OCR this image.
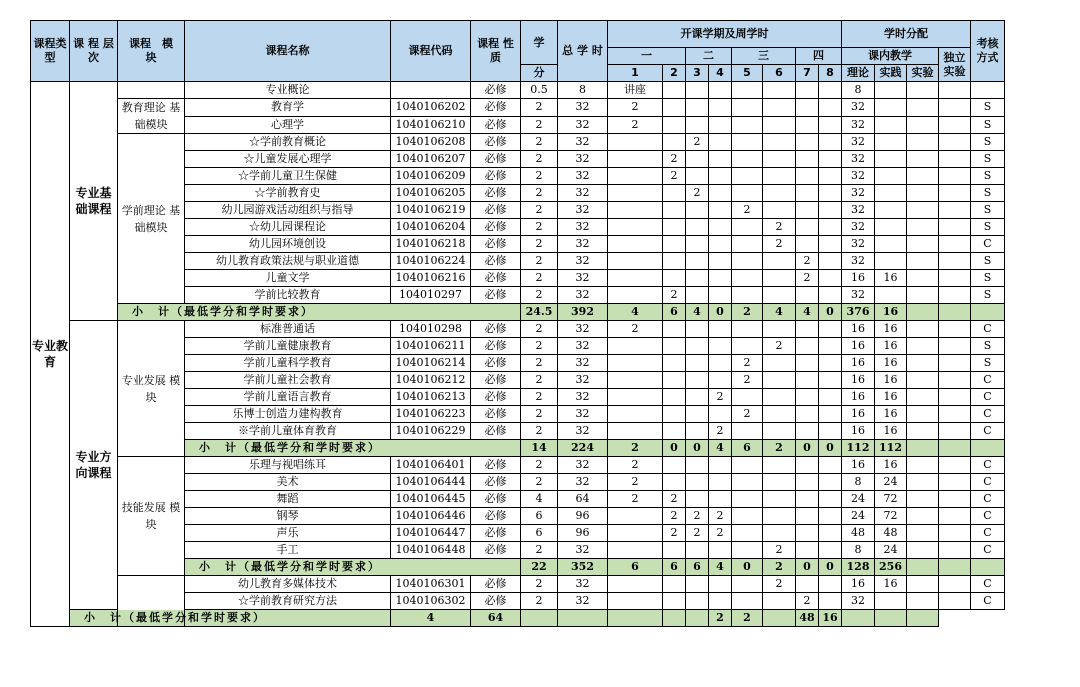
课程类型	课 程 层次	课程　模　块	课程名称	课程代码	课程 性质	学	总 学 时	开课学期及周学时								学时分配				考核 方式
								一		二		三		四		课内教学			独立 实验	
						分		1	2	3	4	5	6	7	8	理论	实践	实验		
专业教育	专业基础课程		专业概论		必修	0.5	8	讲座								8				
		教育理论 基础模块	教育学	1040106202	必修	2	32	2								32				S
			心理学	1040106210	必修	2	32	2								32				S
		学前理论 基础模块	☆学前教育概论	1040106208	必修	2	32			2						32				S
			☆儿童发展心理学	1040106207	必修	2	32		2							32				S
			☆学前儿童卫生保健	1040106209	必修	2	32		2							32				S
			☆学前教育史	1040106205	必修	2	32			2						32				S
			幼儿园游戏活动组织与指导	1040106219	必修	2	32					2				32				S
			☆幼儿园课程论	1040106204	必修	2	32						2			32				S
			幼儿园环境创设	1040106218	必修	2	32						2			32				C
			幼儿教育政策法规与职业道德	1040106224	必修	2	32							2		32				S
			儿童文学	1040106216	必修	2	32							2		16	16			S
			学前比较教育	104010297	必修	2	32		2							32				S
		小　计（最低学分和学时要求）				24.5	392	4	6	4	0	2	4	4	0	376	16			
	专业方向课程	专业发展 模块	标准普通话	104010298	必修	2	32	2								16	16			C
			学前儿童健康教育	1040106211	必修	2	32						2			16	16			S
			学前儿童科学教育	1040106214	必修	2	32					2				16	16			S
			学前儿童社会教育	1040106212	必修	2	32					2				16	16			C
			学前儿童语言教育	1040106213	必修	2	32				2					16	16			C
			乐博士创造力建构教育	1040106223	必修	2	32					2				16	16			C
			※学前儿童体育教育	1040106229	必修	2	32				2					16	16			C
			小　计（最低学分和学时要求）			14	224	2	0	0	4	6	2	0	0	112	112			
		技能发展 模块	乐理与视唱练耳	1040106401	必修	2	32	2								16	16			C
			美术	1040106444	必修	2	32	2								8	24			C
			舞蹈	1040106445	必修	4	64	2	2							24	72			C
			钢琴	1040106446	必修	6	96		2	2	2					24	72			C
			声乐	1040106447	必修	6	96		2	2	2					48	48			C
			手工	1040106448	必修	2	32						2			8	24			C
			小　计（最低学分和学时要求）			22	352	6	6	6	4	0	2	0	0	128	256			
			幼儿教育多媒体技术	1040106301	必修	2	32						2			16	16			C
			☆学前教育研究方法	1040106302	必修	2	32							2		32				C
	小　计（最低学分和学时要求）			4	64						2	2		48	16					
